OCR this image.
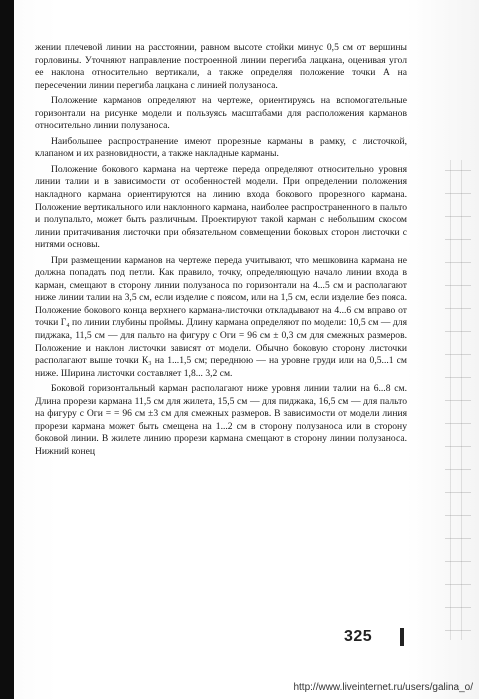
жении плечевой линии на расстоянии, равном высоте стойки минус 0,5 см от вершины горловины. Уточняют направление построенной линии перегиба лацкана, оценивая угол ее наклона относительно вертикали, а также определяя положение точки А на пересечении линии перегиба лацкана с линией полузаноса.

Положение карманов определяют на чертеже, ориентируясь на вспомогательные горизонтали на рисунке модели и пользуясь масштабами для расположения карманов относительно линии полузаноса.

Наибольшее распространение имеют прорезные карманы в рамку, с листочкой, клапаном и их разновидности, а также накладные карманы.

Положение бокового кармана на чертеже переда определяют относительно уровня линии талии и в зависимости от особенностей модели. При определении положения накладного кармана ориентируются на линию входа бокового прорезного кармана. Положение вертикального или наклонного кармана, наиболее распространенного в пальто и полупальто, может быть различным. Проектируют такой карман с небольшим скосом линии притачивания листочки при обязательном совмещении боковых сторон листочки с нитями основы.

При размещении карманов на чертеже переда учитывают, что мешковина кармана не должна попадать под петли. Как правило, точку, определяющую начало линии входа в карман, смещают в сторону линии полузаноса по горизонтали на 4...5 см и располагают ниже линии талии на 3,5 см, если изделие с поясом, или на 1,5 см, если изделие без пояса. Положение бокового конца верхнего кармана-листочки откладывают на 4...6 см вправо от точки Г₄ по линии глубины проймы. Длину кармана определяют по модели: 10,5 см — для пиджака, 11,5 см — для пальто на фигуру с Оᴦᴎ = 96 см ± 0,3 см для смежных размеров. Положение и наклон листочки зависят от модели. Обычно боковую сторону листочки располагают выше точки К₃ на 1...1,5 см; переднюю — на уровне груди или на 0,5...1 см ниже. Ширина листочки составляет 1,8... 3,2 см.

Боковой горизонтальный карман располагают ниже уровня линии талии на 6...8 см. Длина прорези кармана 11,5 см для жилета, 15,5 см — для пиджака, 16,5 см — для пальто на фигуру с Оᴦᴎ = = 96 см ±3 см для смежных размеров. В зависимости от модели линия прорези кармана может быть смещена на 1...2 см в сторону полузаноса или в сторону боковой линии. В жилете линию прорези кармана смещают в сторону линии полузаноса. Нижний конец

325
http://www.liveinternet.ru/users/galina_o/
